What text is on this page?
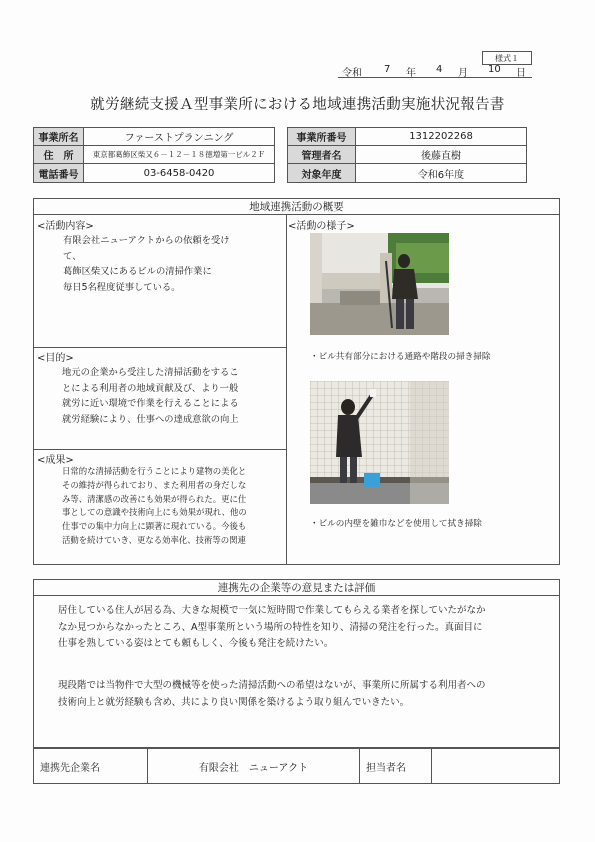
様式１
令和 7 年 4 月 10 日
就労継続支援Ａ型事業所における地域連携活動実施状況報告書
事業所名	ファーストプランニング
住　所	東京都葛飾区柴又６－１２－１８徳増第一ビル２Ｆ
電話番号	03-6458-0420
事業所番号	1312202268
管理者名	後藤直樹
対象年度	令和6年度
地域連携活動の概要
<活動内容>
有限会社ニューアクトからの依頼を受け
て、
葛飾区柴又にあるビルの清掃作業に
毎日5名程度従事している。
<目的>
地元の企業から受注した清掃活動をするこ
とによる利用者の地域貢献及び、より一般
就労に近い環境で作業を行えることによる
就労経験により、仕事への達成意欲の向上
<成果>
日常的な清掃活動を行うことにより建物の美化と
その維持が得られており、また利用者の身だしな
み等、清潔感の改善にも効果が得られた。更に仕
事としての意識や技術向上にも効果が現れ、他の
仕事での集中力向上に顕著に現れている。今後も
活動を続けていき、更なる効率化、技術等の関連
<活動の様子>
・ビル共有部分における通路や階段の掃き掃除
・ビルの内壁を雑巾などを使用して拭き掃除
連携先の企業等の意見または評価
居住している住人が居る為、大きな規模で一気に短時間で作業してもらえる業者を探していたがなか
なか見つからなかったところ、A型事業所という場所の特性を知り、清掃の発注を行った。真面目に
仕事を熟している姿はとても頼もしく、今後も発注を続けたい。
現段階では当物件で大型の機械等を使った清掃活動への希望はないが、事業所に所属する利用者への
技術向上と就労経験も含め、共により良い関係を築けるよう取り組んでいきたい。
連携先企業名	有限会社　ニューアクト	担当者名
